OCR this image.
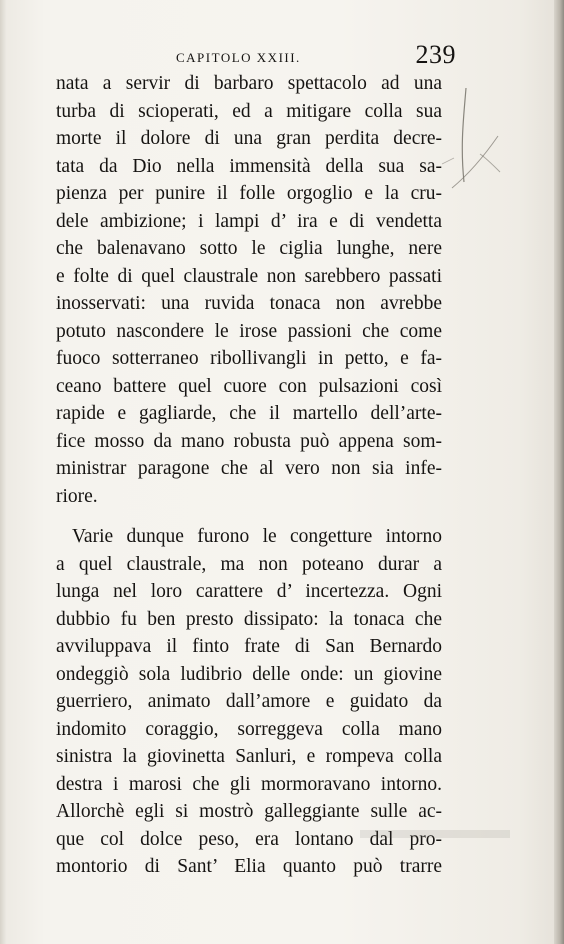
CAPITOLO XXIII.	239
nata a servir di barbaro spettacolo ad una
turba di scioperati, ed a mitigare colla sua
morte il dolore di una gran perdita decre-
tata da Dio nella immensità della sua sa-
pienza per punire il folle orgoglio e la cru-
dele ambizione; i lampi d’ ira e di vendetta
che balenavano sotto le ciglia lunghe, nere
e folte di quel claustrale non sarebbero passati
inosservati: una ruvida tonaca non avrebbe
potuto nascondere le irose passioni che come
fuoco sotterraneo ribollivangli in petto, e fa-
ceano battere quel cuore con pulsazioni così
rapide e gagliarde, che il martello dell’arte-
fice mosso da mano robusta può appena som-
ministrar paragone che al vero non sia infe-
riore.
Varie dunque furono le congetture intorno
a quel claustrale, ma non poteano durar a
lunga nel loro carattere d’ incertezza. Ogni
dubbio fu ben presto dissipato: la tonaca che
avviluppava il finto frate di San Bernardo
ondeggiò sola ludibrio delle onde: un giovine
guerriero, animato dall’amore e guidato da
indomito coraggio, sorreggeva colla mano
sinistra la giovinetta Sanluri, e rompeva colla
destra i marosi che gli mormoravano intorno.
Allorchè egli si mostrò galleggiante sulle ac-
que col dolce peso, era lontano dal pro-
montorio di Sant’ Elia quanto può trarre
